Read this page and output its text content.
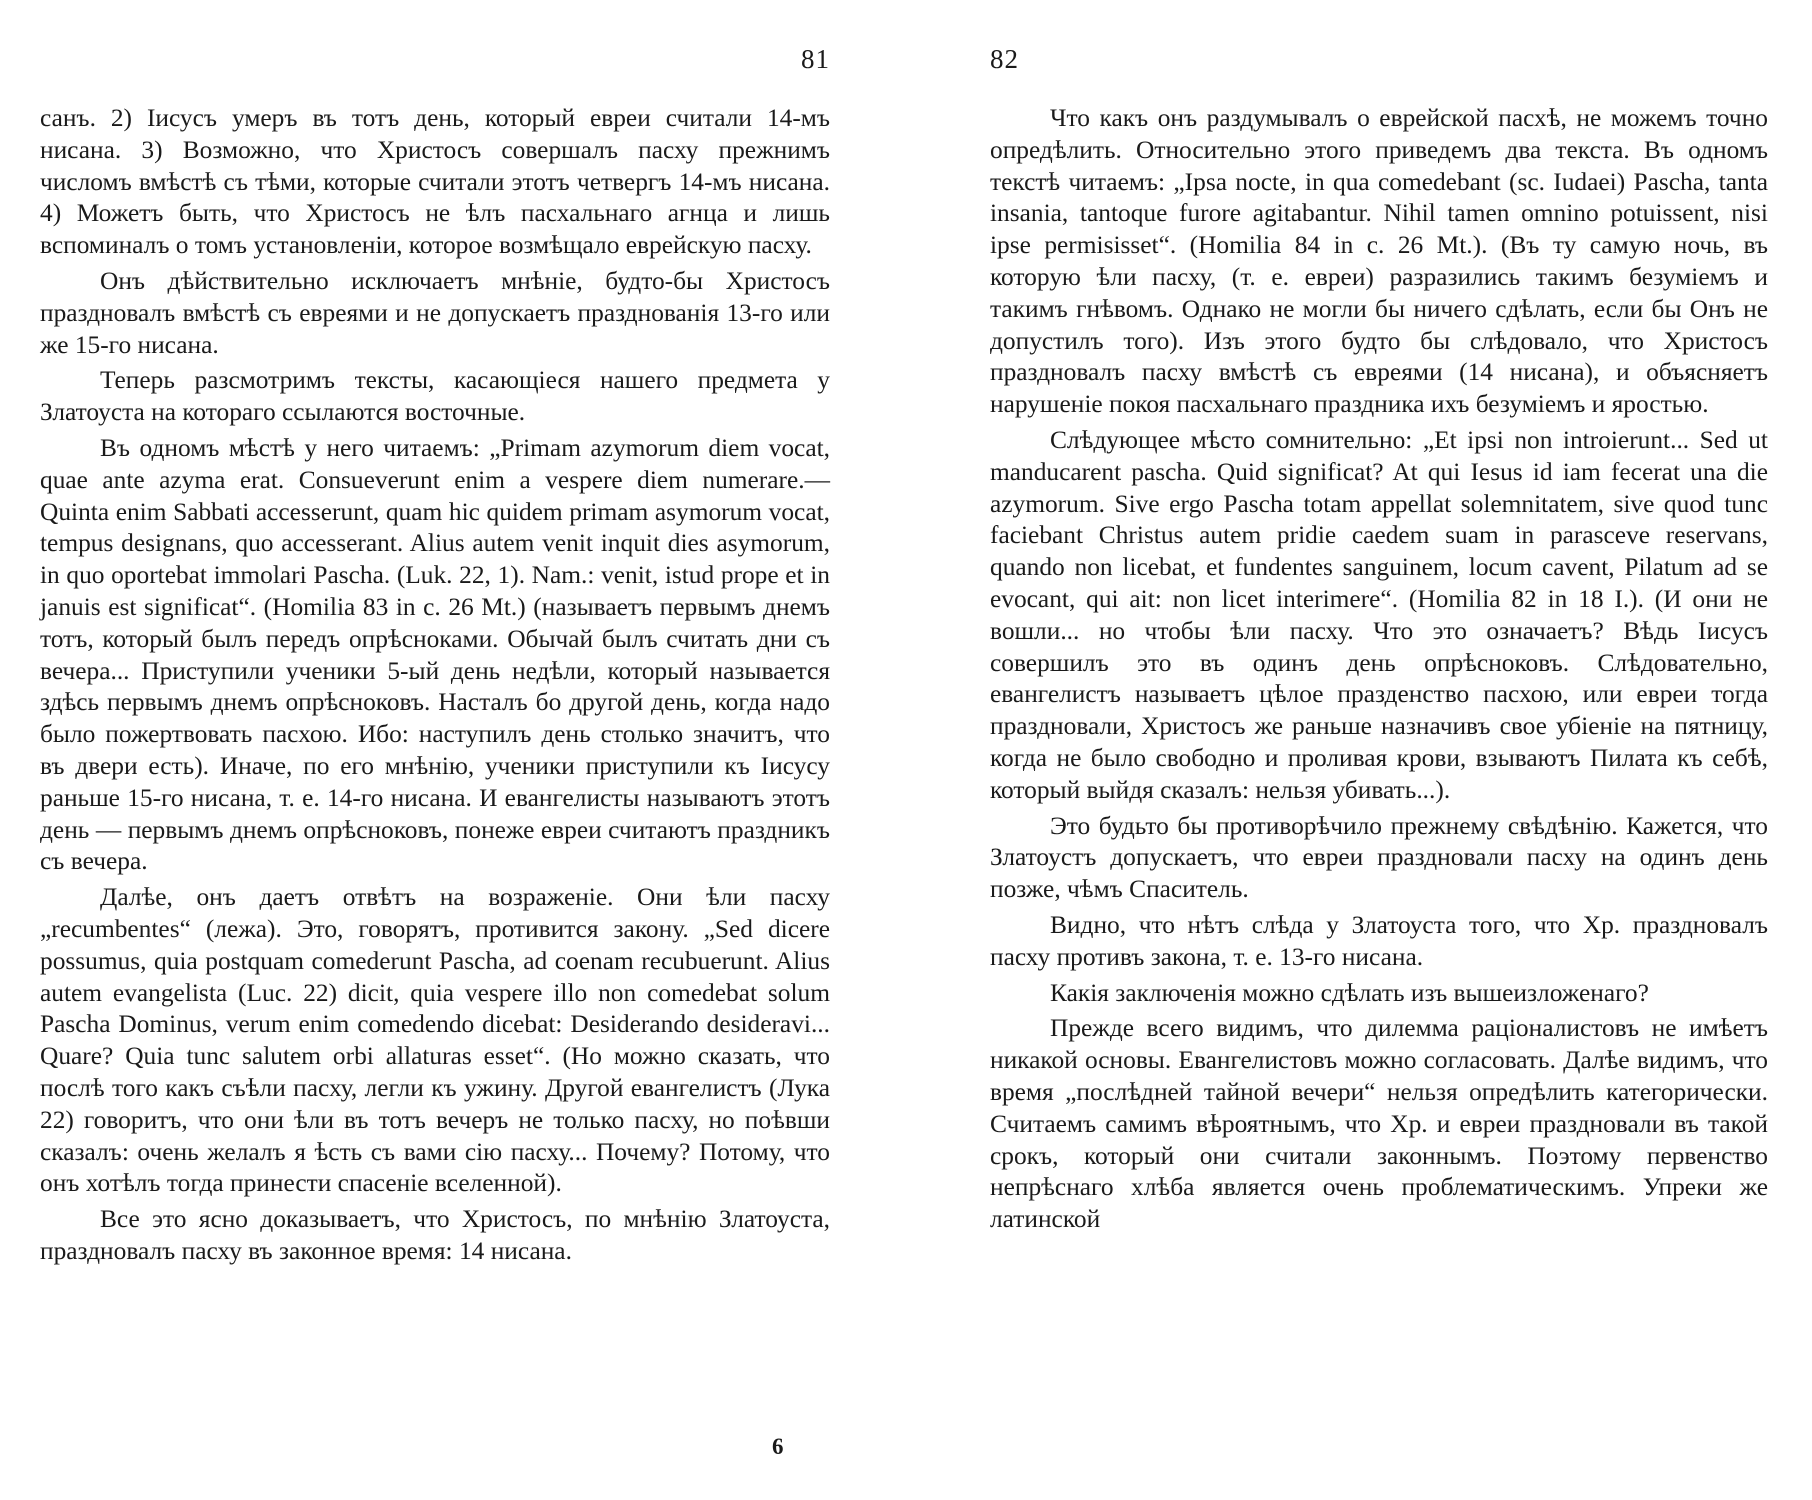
81

санъ. 2) Іисусъ умеръ въ тотъ день, который евреи считали 14-мъ нисана. 3) Возможно, что Христосъ совершалъ пасху прежнимъ числомъ вмѣстѣ съ тѣми, которые считали этотъ четвергъ 14-мъ нисана. 4) Можетъ быть, что Христосъ не ѣлъ пасхальнаго агнца и лишь вспоминалъ о томъ установленіи, которое возмѣщало еврейскую пасху.

Онъ дѣйствительно исключаетъ мнѣніе, будто-бы Христосъ праздновалъ вмѣстѣ съ евреями и не допускаетъ празднованія 13-го или же 15-го нисана.

Теперь разсмотримъ тексты, касающіеся нашего предмета у Златоуста на котораго ссылаются восточные.

Въ одномъ мѣстѣ у него читаемъ: „Primam azymorum diem vocat, quae ante azyma erat. Consueverunt enim a vespere diem numerare.— Quinta enim Sabbati accesserunt, quam hic quidem primam asymorum vocat, tempus designans, quo accesserant. Alius autem venit inquit dies asymorum, in quo oportebat immolari Pascha. (Luk. 22, 1). Nam.: venit, istud prope et in januis est significat“. (Homilia 83 in c. 26 Mt.) (называетъ первымъ днемъ тотъ, который былъ передъ опрѣсноками. Обычай былъ считать дни съ вечера... Приступили ученики 5-ый день недѣли, который называется здѣсь первымъ днемъ опрѣсноковъ. Насталъ бо другой день, когда надо было пожертвовать пасхою. Ибо: наступилъ день столько значитъ, что въ двери есть). Иначе, по его мнѣнію, ученики приступили къ Іисусу раньше 15-го нисана, т. е. 14-го нисана. И евангелисты называютъ этотъ день — первымъ днемъ опрѣсноковъ, понеже евреи считаютъ праздникъ съ вечера.

Далѣе, онъ даетъ отвѣтъ на возраженіе. Они ѣли пасху „recumbentes“ (лежа). Это, говорятъ, противится закону. „Sed dicere possumus, quia postquam comederunt Pascha, ad coenam recubuerunt. Alius autem evangelista (Luc. 22) dicit, quia vespere illo non comedebat solum Pascha Dominus, verum enim comedendo dicebat: Desiderando desideravi... Quare? Quia tunc salutem orbi allaturas esset“. (Но можно сказать, что послѣ того какъ съѣли пасху, легли къ ужину. Другой евангелистъ (Лука 22) говоритъ, что они ѣли въ тотъ вечеръ не только пасху, но поѣвши сказалъ: очень желалъ я ѣсть съ вами сію пасху... Почему? Потому, что онъ хотѣлъ тогда принести спасеніе вселенной).

Все это ясно доказываетъ, что Христосъ, по мнѣнію Златоуста, праздновалъ пасху въ законное время: 14 нисана.

6
82

Что какъ онъ раздумывалъ о еврейской пасхѣ, не можемъ точно опредѣлить. Относительно этого приведемъ два текста. Въ одномъ текстѣ читаемъ: „Ipsa nocte, in qua comedebant (sc. Iudaei) Pascha, tanta insania, tantoque furore agitabantur. Nihil tamen omnino potuissent, nisi ipse permisisset“. (Homilia 84 in c. 26 Mt.). (Въ ту самую ночь, въ которую ѣли пасху, (т. е. евреи) разразились такимъ безуміемъ и такимъ гнѣвомъ. Однако не могли бы ничего сдѣлать, если бы Онъ не допустилъ того). Изъ этого будто бы слѣдовало, что Христосъ праздновалъ пасху вмѣстѣ съ евреями (14 нисана), и объясняетъ нарушеніе покоя пасхальнаго праздника ихъ безуміемъ и яростью.

Слѣдующее мѣсто сомнительно: „Et ipsi non introierunt... Sed ut manducarent pascha. Quid significat? At qui Iesus id iam fecerat una die azymorum. Sive ergo Pascha totam appellat solemnitatem, sive quod tunc faciebant Christus autem pridie caedem suam in parasceve reservans, quando non licebat, et fundentes sanguinem, locum cavent, Pilatum ad se evocant, qui ait: non licet interimere“. (Homilia 82 in 18 I.). (И они не вошли... но чтобы ѣли пасху. Что это означаетъ? Вѣдь Іисусъ совершилъ это въ одинъ день опрѣсноковъ. Слѣдовательно, евангелистъ называетъ цѣлое празденство пасхою, или евреи тогда праздновали, Христосъ же раньше назначивъ свое убіеніе на пятницу, когда не было свободно и проливая крови, взываютъ Пилата къ себѣ, который выйдя сказалъ: нельзя убивать...).

Это будьто бы противорѣчило прежнему свѣдѣнію. Кажется, что Златоустъ допускаетъ, что евреи праздновали пасху на одинъ день позже, чѣмъ Спаситель.

Видно, что нѣтъ слѣда у Златоуста того, что Хр. праздновалъ пасху противъ закона, т. е. 13-го нисана.

Какія заключенія можно сдѣлать изъ вышеизложенаго?

Прежде всего видимъ, что дилемма раціоналистовъ не имѣетъ никакой основы. Евангелистовъ можно согласовать. Далѣе видимъ, что время „послѣдней тайной вечери“ нельзя опредѣлить категорически. Считаемъ самимъ вѣроятнымъ, что Хр. и евреи праздновали въ такой срокъ, который они считали законнымъ. Поэтому первенство непрѣснаго хлѣба является очень проблематическимъ. Упреки же латинской
